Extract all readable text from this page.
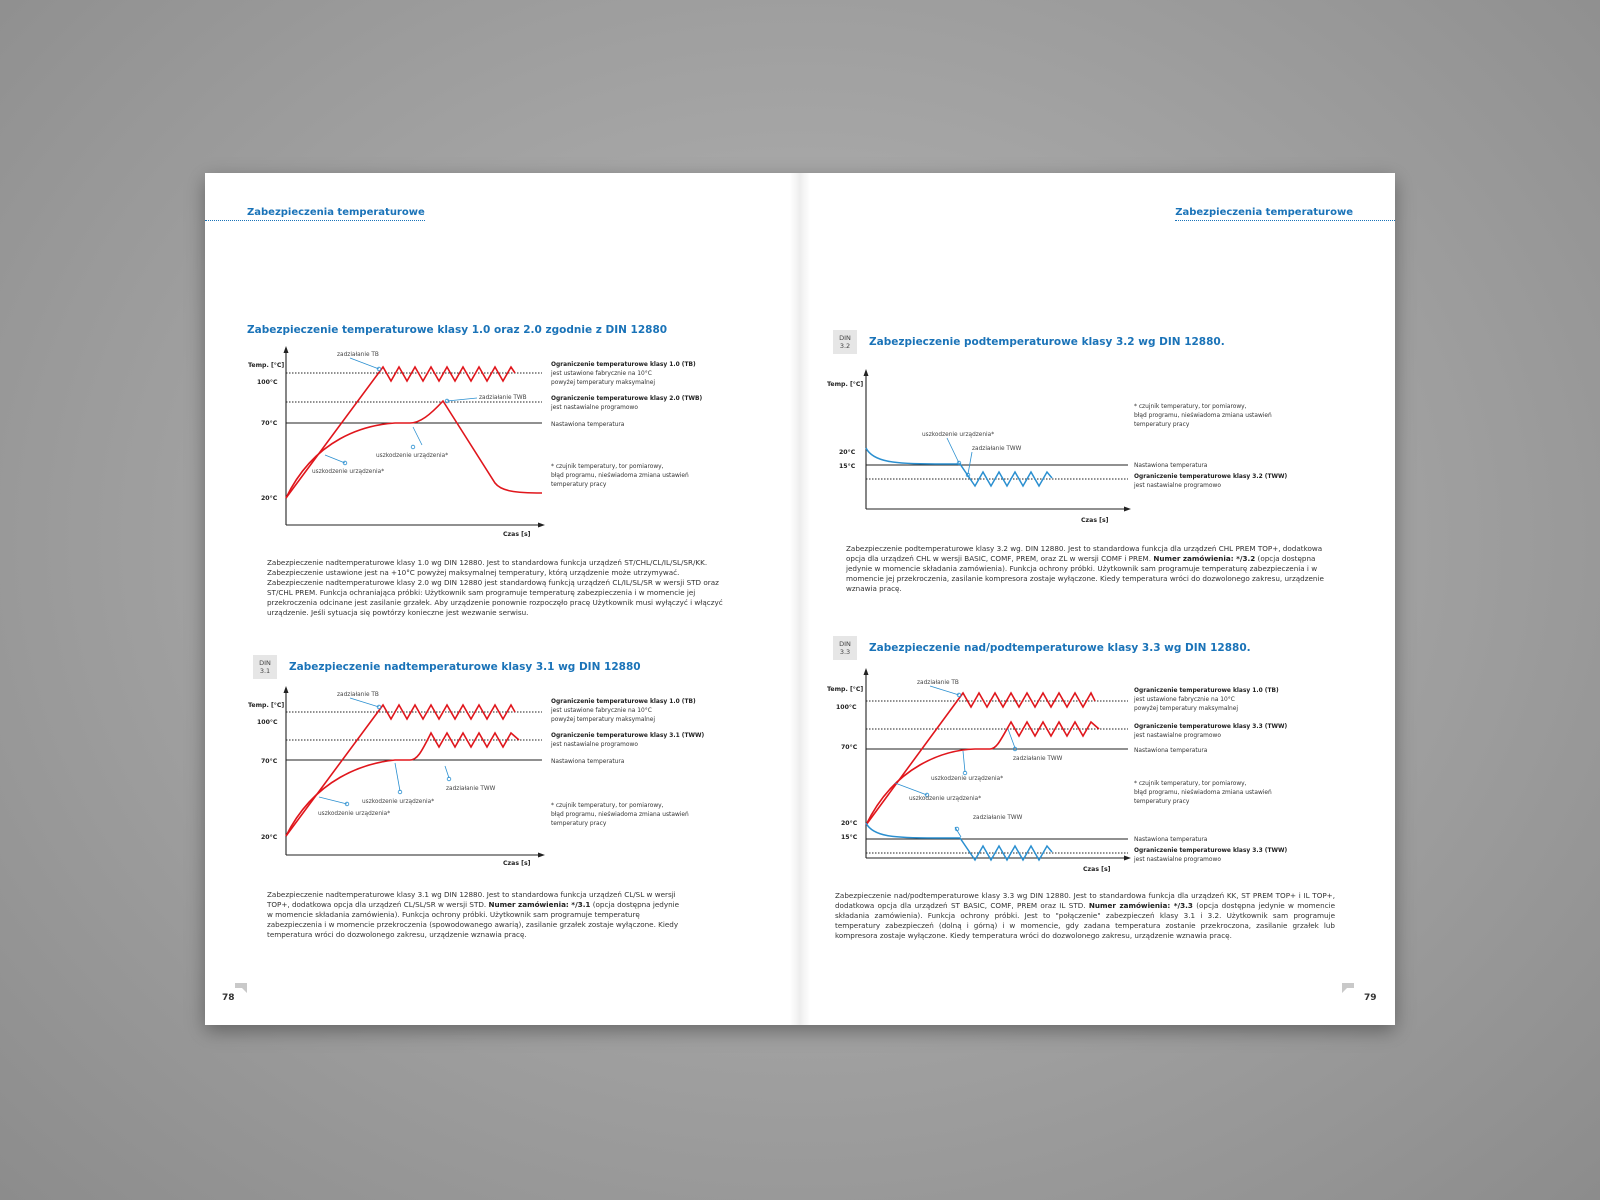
Zabezpieczenia temperaturowe
Zabezpieczenie temperaturowe klasy 1.0 oraz 2.0 zgodnie z DIN 12880
Temp. [°C]
Czas [s]
100°C
70°C
20°C
zadziałanie TB
zadziałanie TWB
uszkodzenie urządzenia*
uszkodzenie urządzenia*
Ograniczenie temperaturowe klasy 1.0 (TB)
jest ustawione fabrycznie na 10°C
powyżej temperatury maksymalnej
Ograniczenie temperaturowe klasy 2.0 (TWB)
jest nastawialne programowo
Nastawiona temperatura
* czujnik temperatury, tor pomiarowy,
błąd programu, nieświadoma zmiana ustawień
temperatury pracy
Zabezpieczenie nadtemperaturowe klasy 1.0 wg DIN 12880. Jest to standardowa funkcja urządzeń ST/CHL/CL/IL/SL/SR/KK. Zabezpieczenie ustawione jest na +10°C powyżej maksymalnej temperatury, którą urządzenie może utrzymywać. Zabezpieczenie nadtemperaturowe klasy 2.0 wg DIN 12880 jest standardową funkcją urządzeń CL/IL/SL/SR w wersji STD oraz ST/CHL PREM. Funkcja ochraniająca próbki: Użytkownik sam programuje temperaturę zabezpieczenia i w momencie jej przekroczenia odcinane jest zasilanie grzałek. Aby urządzenie ponownie rozpoczęło pracę Użytkownik musi wyłączyć i włączyć urządzenie. Jeśli sytuacja się powtórzy konieczne jest wezwanie serwisu.
DIN
3.1 Zabezpieczenie nadtemperaturowe klasy 3.1 wg DIN 12880
Temp. [°C]
Czas [s]
100°C
70°C
20°C
zadziałanie TB
zadziałanie TWW
uszkodzenie urządzenia*
uszkodzenie urządzenia*
Ograniczenie temperaturowe klasy 1.0 (TB)
jest ustawione fabrycznie na 10°C
powyżej temperatury maksymalnej
Ograniczenie temperaturowe klasy 3.1 (TWW)
jest nastawialne programowo
Nastawiona temperatura
* czujnik temperatury, tor pomiarowy,
błąd programu, nieświadoma zmiana ustawień
temperatury pracy
Zabezpieczenie nadtemperaturowe klasy 3.1 wg DIN 12880. Jest to standardowa funkcja urządzeń CL/SL w wersji TOP+, dodatkowa opcja dla urządzeń CL/SL/SR w wersji STD. Numer zamówienia: */3.1 (opcja dostępna jedynie w momencie składania zamówienia). Funkcja ochrony próbki. Użytkownik sam programuje temperaturę zabezpieczenia i w momencie przekroczenia (spowodowanego awarią), zasilanie grzałek zostaje wyłączone. Kiedy temperatura wróci do dozwolonego zakresu, urządzenie wznawia pracę.
78
Zabezpieczenia temperaturowe
DIN
3.2 Zabezpieczenie podtemperaturowe klasy 3.2 wg DIN 12880.
Temp. [°C]
Czas [s]
20°C
15°C
uszkodzenie urządzenia*
zadziałanie TWW
* czujnik temperatury, tor pomiarowy,
błąd programu, nieświadoma zmiana ustawień
temperatury pracy
Nastawiona temperatura
Ograniczenie temperaturowe klasy 3.2 (TWW)
jest nastawialne programowo
Zabezpieczenie podtemperaturowe klasy 3.2 wg. DIN 12880. Jest to standardowa funkcja dla urządzeń CHL PREM TOP+, dodatkowa opcja dla urządzeń CHL w wersji BASIC, COMF, PREM, oraz ZL w wersji COMF i PREM. Numer zamówienia: */3.2 (opcja dostępna jedynie w momencie składania zamówienia). Funkcja ochrony próbki. Użytkownik sam programuje temperaturę zabezpieczenia i w momencie jej przekroczenia, zasilanie kompresora zostaje wyłączone. Kiedy temperatura wróci do dozwolonego zakresu, urządzenie wznawia pracę.
DIN
3.3 Zabezpieczenie nad/podtemperaturowe klasy 3.3 wg DIN 12880.
Temp. [°C]
Czas [s]
100°C
70°C
20°C
15°C
zadziałanie TB
zadziałanie TWW
uszkodzenie urządzenia*
uszkodzenie urządzenia*
zadziałanie TWW
Ograniczenie temperaturowe klasy 1.0 (TB)
jest ustawione fabrycznie na 10°C
powyżej temperatury maksymalnej
Ograniczenie temperaturowe klasy 3.3 (TWW)
jest nastawialne programowo
Nastawiona temperatura
* czujnik temperatury, tor pomiarowy,
błąd programu, nieświadoma zmiana ustawień
temperatury pracy
Nastawiona temperatura
Ograniczenie temperaturowe klasy 3.3 (TWW)
jest nastawialne programowo
Zabezpieczenie nad/podtemperaturowe klasy 3.3 wg DIN 12880. Jest to standardowa funkcja dla urządzeń KK, ST PREM TOP+ i IL TOP+, dodatkowa opcja dla urządzeń ST BASIC, COMF, PREM oraz IL STD. Numer zamówienia: */3.3 (opcja dostępna jedynie w momencie składania zamówienia). Funkcja ochrony próbki. Jest to "połączenie" zabezpieczeń klasy 3.1 i 3.2. Użytkownik sam programuje temperatury zabezpieczeń (dolną i górną) i w momencie, gdy zadana temperatura zostanie przekroczona, zasilanie grzałek lub kompresora zostaje wyłączone. Kiedy temperatura wróci do dozwolonego zakresu, urządzenie wznawia pracę.
79
